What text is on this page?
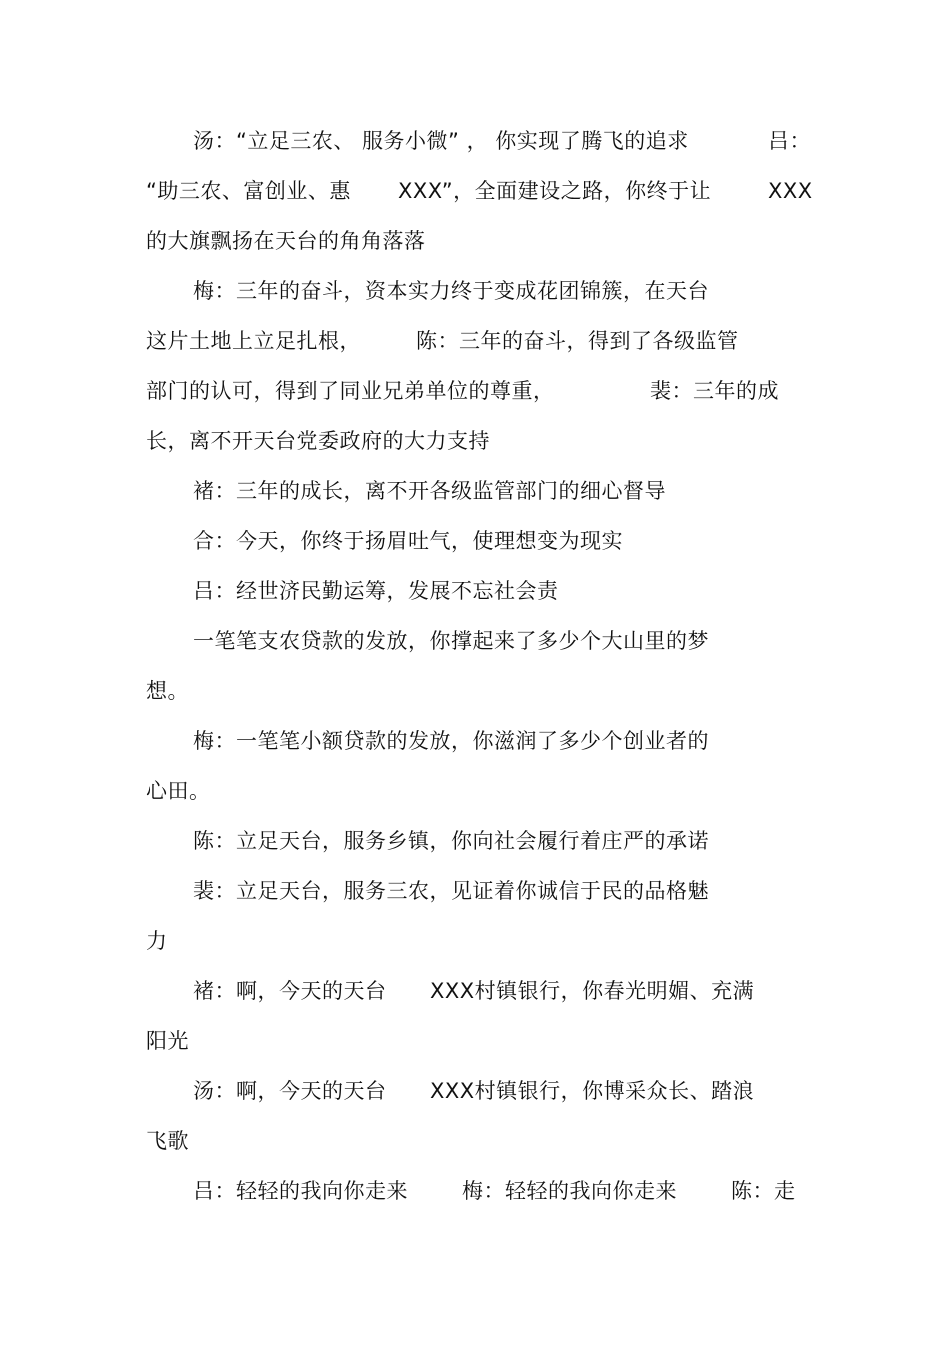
汤：“立足三农、 服务小微” ， 你实现了腾飞的追求	吕：
“助三农、富创业、惠 XXX”，全面建设之路，你终于让	XXX
的大旗飘扬在天台的角角落落
梅：三年的奋斗，资本实力终于变成花团锦簇，在天台
这片土地上立足扎根，	陈：三年的奋斗，得到了各级监管
部门的认可，得到了同业兄弟单位的尊重，	裴：三年的成
长，离不开天台党委政府的大力支持
褚：三年的成长，离不开各级监管部门的细心督导
合：今天，你终于扬眉吐气，使理想变为现实
吕：经世济民勤运筹，发展不忘社会责
一笔笔支农贷款的发放，你撑起来了多少个大山里的梦
想。
梅：一笔笔小额贷款的发放，你滋润了多少个创业者的
心田。
陈：立足天台，服务乡镇，你向社会履行着庄严的承诺
裴：立足天台，服务三农，见证着你诚信于民的品格魅
力
褚：啊，今天的天台 XXX村镇银行，你春光明媚、充满
阳光
汤：啊，今天的天台 XXX村镇银行，你博采众长、踏浪
飞歌
吕：轻轻的我向你走来	梅：轻轻的我向你走来	陈：走
